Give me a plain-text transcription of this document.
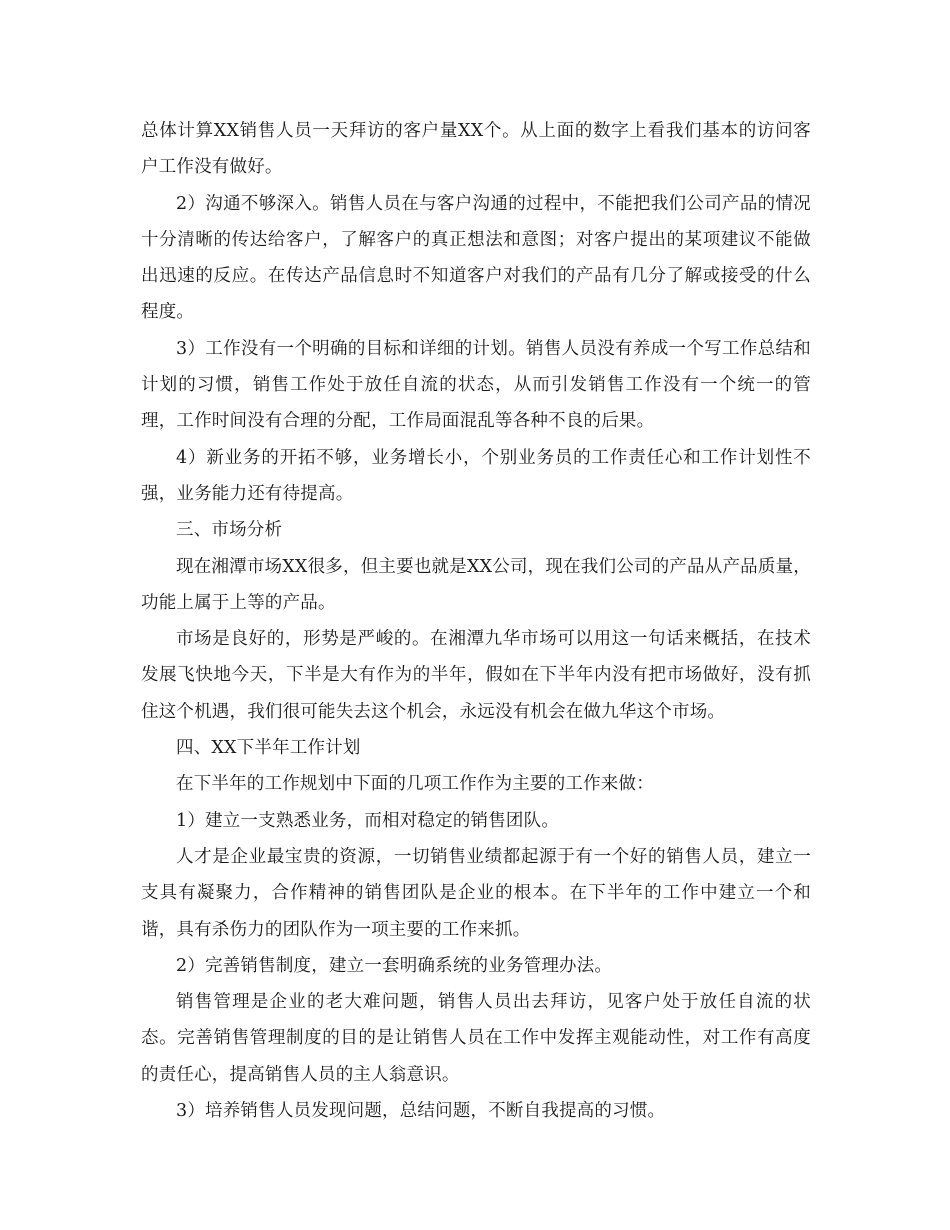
总体计算XX销售人员一天拜访的客户量XX个。从上面的数字上看我们基本的访问客户工作没有做好。

2）沟通不够深入。销售人员在与客户沟通的过程中，不能把我们公司产品的情况十分清晰的传达给客户，了解客户的真正想法和意图；对客户提出的某项建议不能做出迅速的反应。在传达产品信息时不知道客户对我们的产品有几分了解或接受的什么程度。

3）工作没有一个明确的目标和详细的计划。销售人员没有养成一个写工作总结和计划的习惯，销售工作处于放任自流的状态，从而引发销售工作没有一个统一的管理，工作时间没有合理的分配，工作局面混乱等各种不良的后果。

4）新业务的开拓不够，业务增长小，个别业务员的工作责任心和工作计划性不强，业务能力还有待提高。

三、市场分析

现在湘潭市场XX很多，但主要也就是XX公司，现在我们公司的产品从产品质量，功能上属于上等的产品。

市场是良好的，形势是严峻的。在湘潭九华市场可以用这一句话来概括，在技术发展飞快地今天，下半是大有作为的半年，假如在下半年内没有把市场做好，没有抓住这个机遇，我们很可能失去这个机会，永远没有机会在做九华这个市场。

四、XX下半年工作计划

在下半年的工作规划中下面的几项工作作为主要的工作来做：

1）建立一支熟悉业务，而相对稳定的销售团队。

人才是企业最宝贵的资源，一切销售业绩都起源于有一个好的销售人员，建立一支具有凝聚力，合作精神的销售团队是企业的根本。在下半年的工作中建立一个和谐，具有杀伤力的团队作为一项主要的工作来抓。

2）完善销售制度，建立一套明确系统的业务管理办法。

销售管理是企业的老大难问题，销售人员出去拜访，见客户处于放任自流的状态。完善销售管理制度的目的是让销售人员在工作中发挥主观能动性，对工作有高度的责任心，提高销售人员的主人翁意识。

3）培养销售人员发现问题，总结问题，不断自我提高的习惯。
